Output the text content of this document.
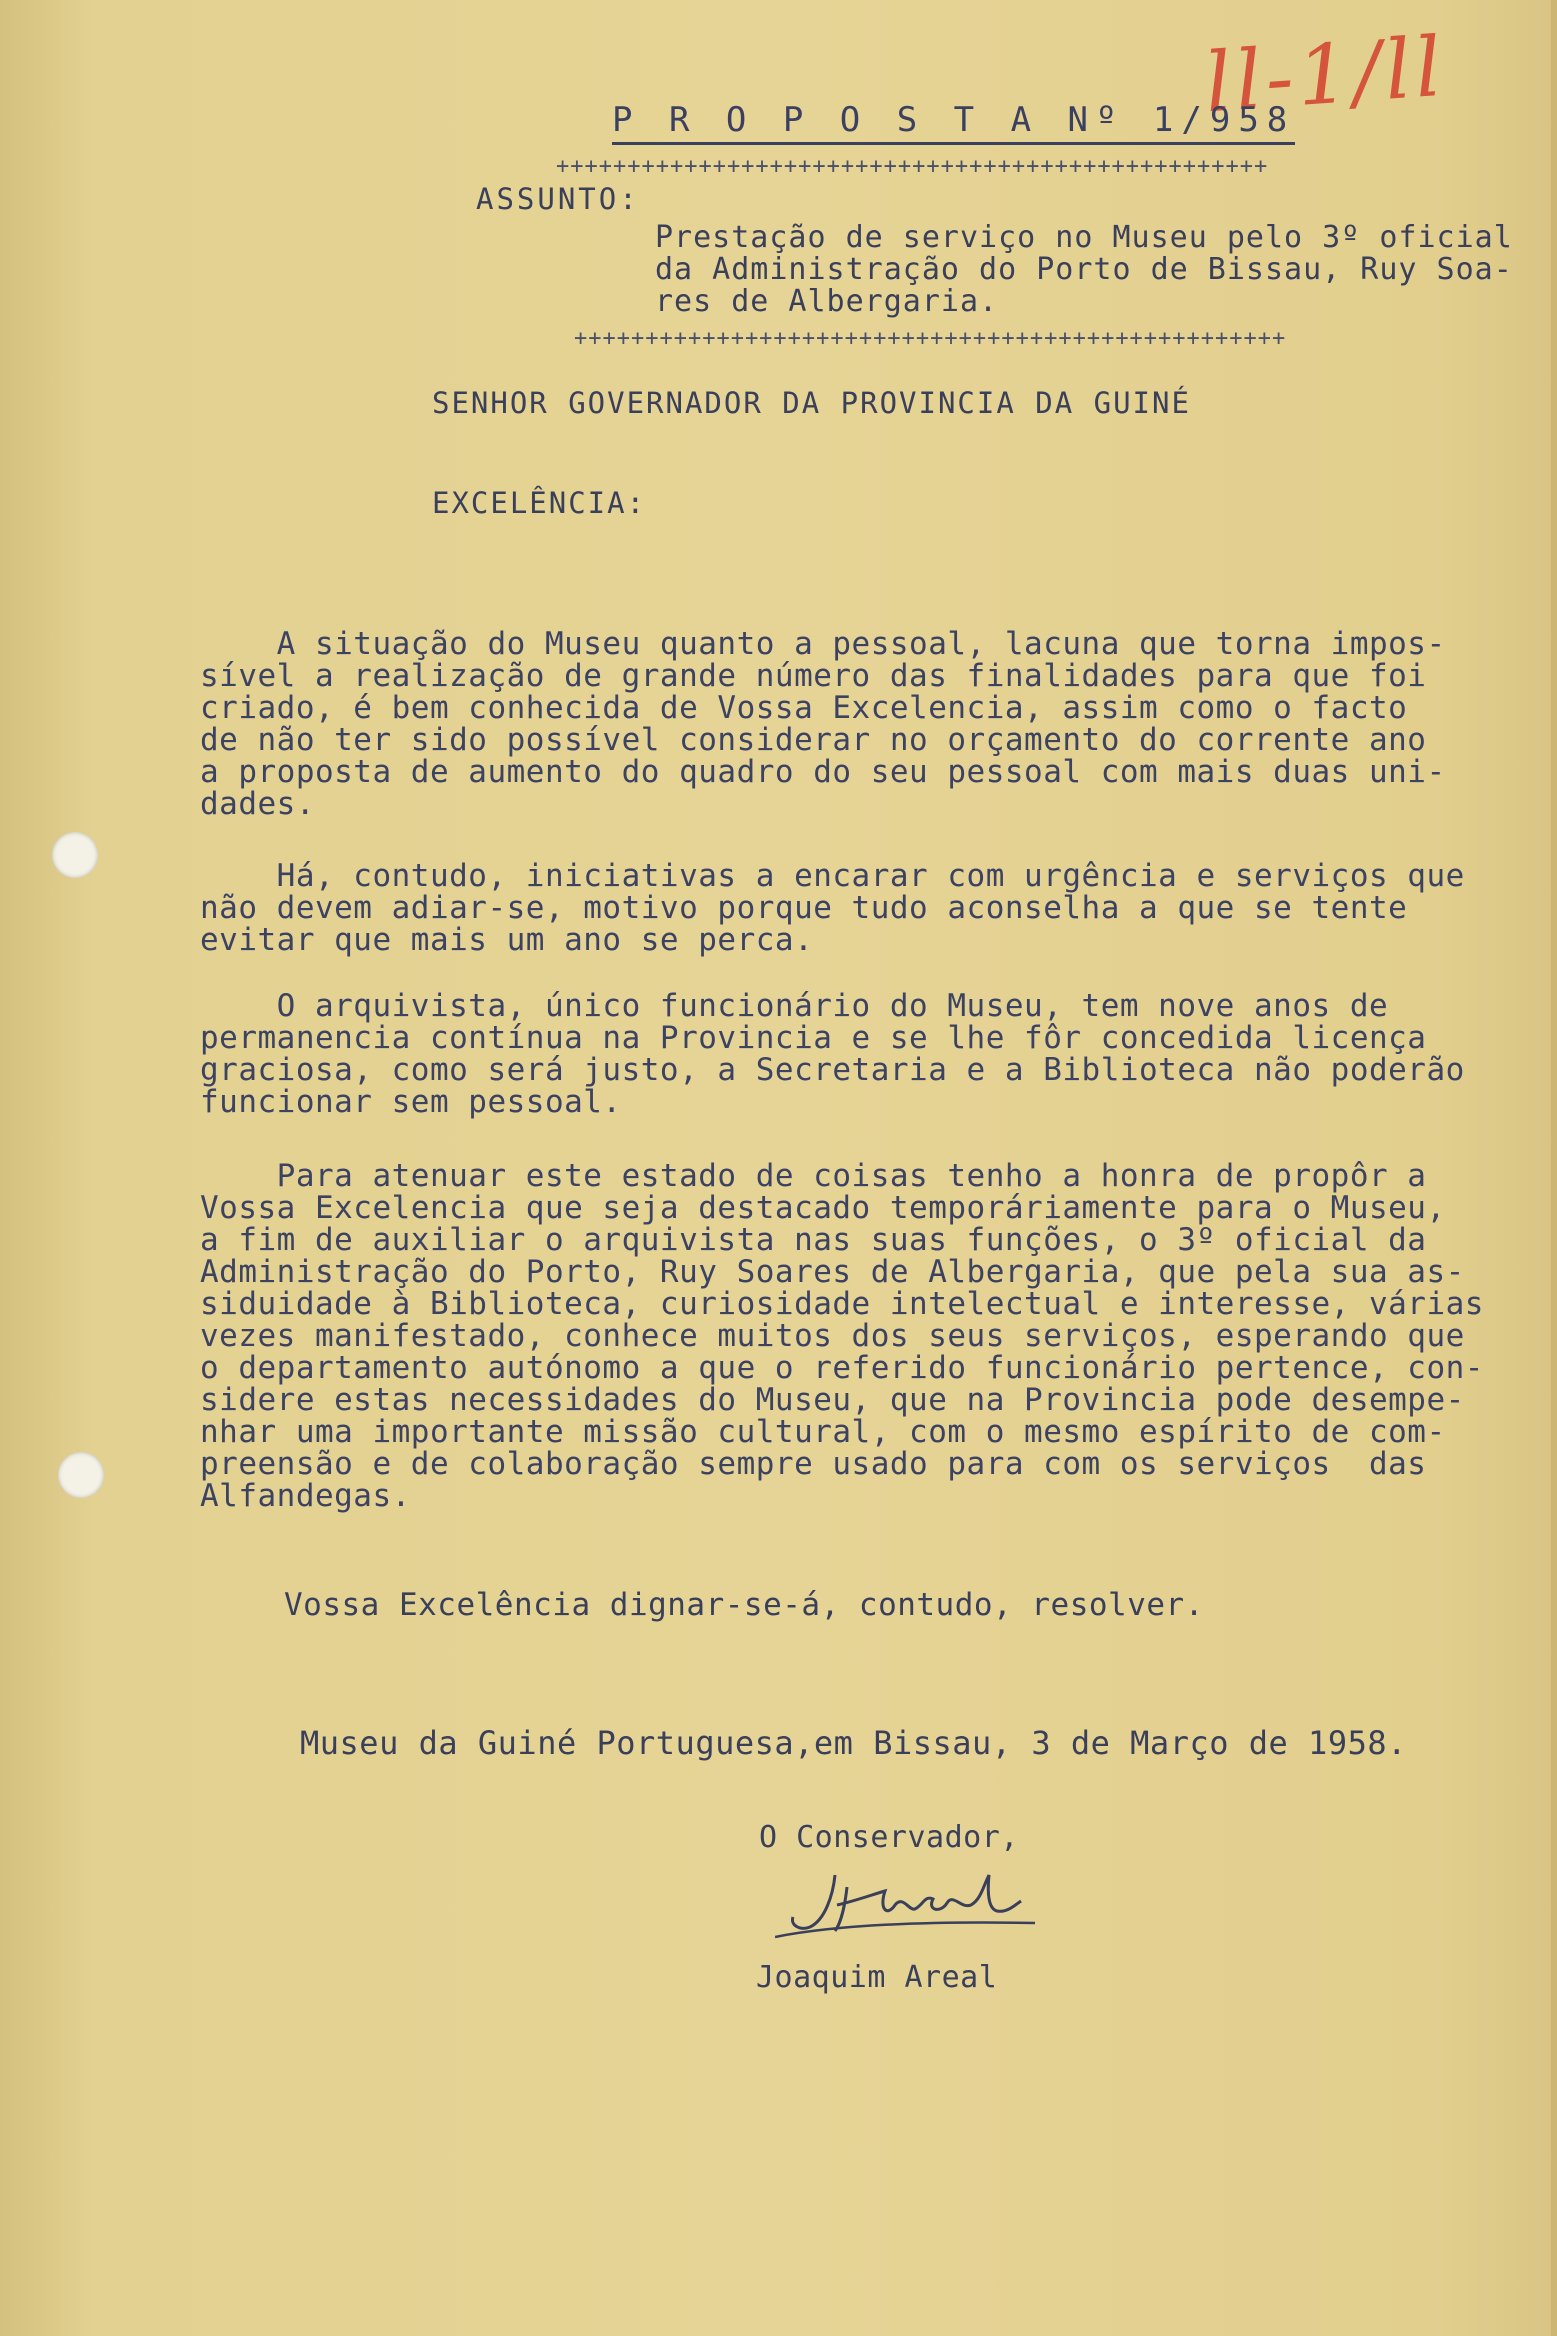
ll-1/ll
P R O P O S T A Nº 1/958
++++++++++++++++++++++++++++++++++++++++++++++++++
ASSUNTO:
Prestação de serviço no Museu pelo 3º oficial
da Administração do Porto de Bissau, Ruy Soa-
res de Albergaria.
++++++++++++++++++++++++++++++++++++++++++++++++++
SENHOR GOVERNADOR DA PROVINCIA DA GUINÉ
EXCELÊNCIA:
A situação do Museu quanto a pessoal, lacuna que torna impos-
sível a realização de grande número das finalidades para que foi
criado, é bem conhecida de Vossa Excelencia, assim como o facto
de não ter sido possível considerar no orçamento do corrente ano
a proposta de aumento do quadro do seu pessoal com mais duas uni-
dades.
Há, contudo, iniciativas a encarar com urgência e serviços que
não devem adiar-se, motivo porque tudo aconselha a que se tente
evitar que mais um ano se perca.
O arquivista, único funcionário do Museu, tem nove anos de
permanencia contínua na Provincia e se lhe fôr concedida licença
graciosa, como será justo, a Secretaria e a Biblioteca não poderão
funcionar sem pessoal.
Para atenuar este estado de coisas tenho a honra de propôr a
Vossa Excelencia que seja destacado temporáriamente para o Museu,
a fim de auxiliar o arquivista nas suas funções, o 3º oficial da
Administração do Porto, Ruy Soares de Albergaria, que pela sua as-
siduidade à Biblioteca, curiosidade intelectual e interesse, várias
vezes manifestado, conhece muitos dos seus serviços, esperando que
o departamento autónomo a que o referido funcionário pertence, con-
sidere estas necessidades do Museu, que na Provincia pode desempe-
nhar uma importante missão cultural, com o mesmo espírito de com-
preensão e de colaboração sempre usado para com os serviços  das
Alfandegas.
Vossa Excelência dignar-se-á, contudo, resolver.
Museu da Guiné Portuguesa,em Bissau, 3 de Março de 1958.
O Conservador,
Joaquim Areal
